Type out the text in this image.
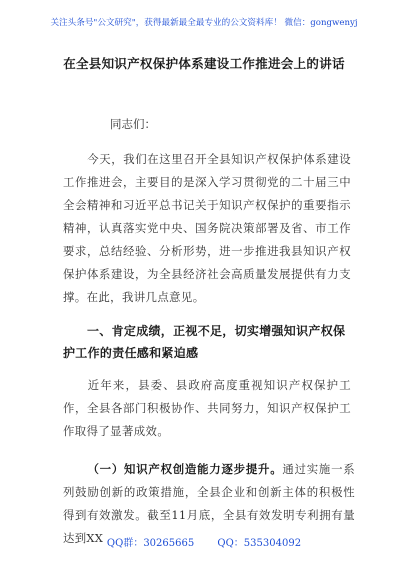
关注头条号"公文研究"，获得最新最全最专业的公文资料库！ 微信：gongwenyj
在全县知识产权保护体系建设工作推进会上的讲话
同志们：
今天，我们在这里召开全县知识产权保护体系建设工作推进会，主要目的是深入学习贯彻党的二十届三中全会精神和习近平总书记关于知识产权保护的重要指示精神，认真落实党中央、国务院决策部署及省、市工作要求，总结经验、分析形势，进一步推进我县知识产权保护体系建设，为全县经济社会高质量发展提供有力支撑。在此，我讲几点意见。
一、肯定成绩，正视不足，切实增强知识产权保护工作的责任感和紧迫感
近年来，县委、县政府高度重视知识产权保护工作，全县各部门积极协作、共同努力，知识产权保护工作取得了显著成效。
（一）知识产权创造能力逐步提升。通过实施一系列鼓励创新的政策措施，全县企业和创新主体的积极性得到有效激发。截至11月底，全县有效发明专利拥有量达到XX QQ群：30265665 QQ：535304092
